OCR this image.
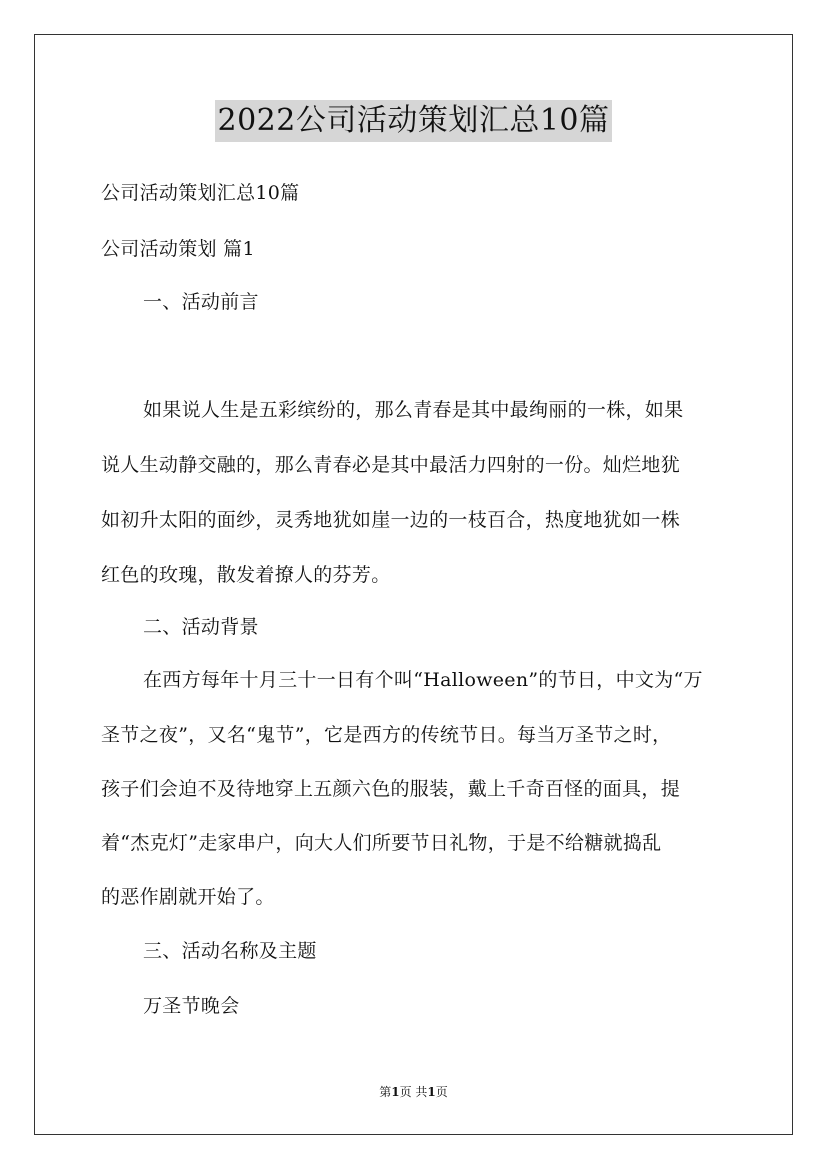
2022公司活动策划汇总10篇
公司活动策划汇总10篇
公司活动策划 篇1
一、活动前言
如果说人生是五彩缤纷的，那么青春是其中最绚丽的一株，如果
说人生动静交融的，那么青春必是其中最活力四射的一份。灿烂地犹
如初升太阳的面纱，灵秀地犹如崖一边的一枝百合，热度地犹如一株
红色的玫瑰，散发着撩人的芬芳。
二、活动背景
在西方每年十月三十一日有个叫“Halloween”的节日，中文为“万
圣节之夜”，又名“鬼节”，它是西方的传统节日。每当万圣节之时，
孩子们会迫不及待地穿上五颜六色的服装，戴上千奇百怪的面具，提
着“杰克灯”走家串户，向大人们所要节日礼物，于是不给糖就捣乱
的恶作剧就开始了。
三、活动名称及主题
万圣节晚会
第1页 共1页
